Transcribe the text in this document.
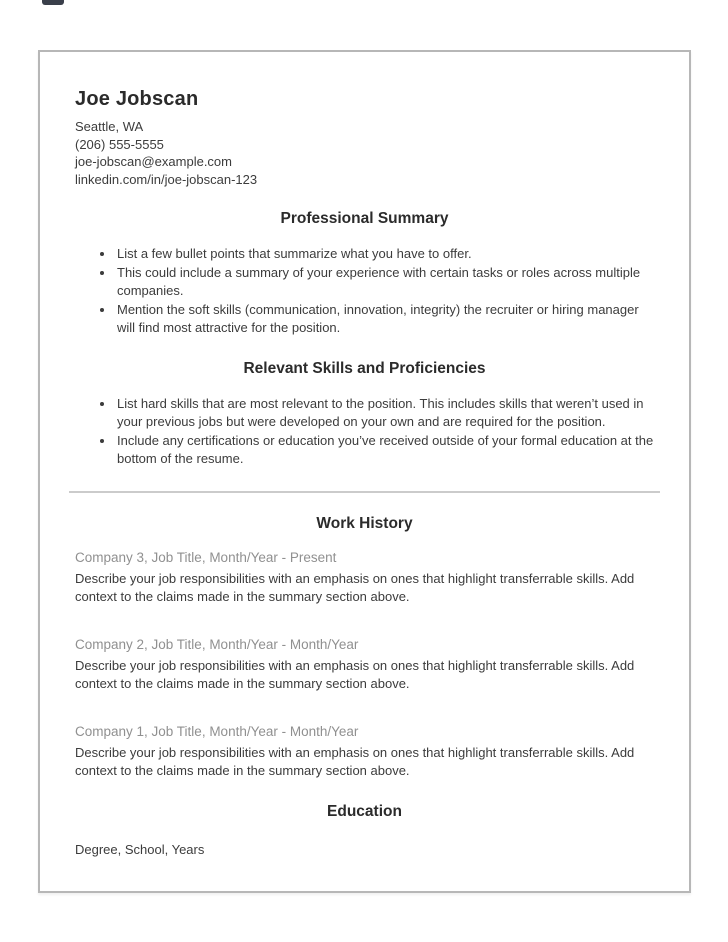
Joe Jobscan
Seattle, WA
(206) 555-5555
joe-jobscan@example.com
linkedin.com/in/joe-jobscan-123
Professional Summary
• List a few bullet points that summarize what you have to offer.
• This could include a summary of your experience with certain tasks or roles across multiple companies.
• Mention the soft skills (communication, innovation, integrity) the recruiter or hiring manager will find most attractive for the position.
Relevant Skills and Proficiencies
• List hard skills that are most relevant to the position. This includes skills that weren’t used in your previous jobs but were developed on your own and are required for the position.
• Include any certifications or education you’ve received outside of your formal education at the bottom of the resume.
Work History

Company 3, Job Title, Month/Year - Present

Describe your job responsibilities with an emphasis on ones that highlight transferrable skills. Add context to the claims made in the summary section above.

Company 2, Job Title, Month/Year - Month/Year

Describe your job responsibilities with an emphasis on ones that highlight transferrable skills. Add context to the claims made in the summary section above.

Company 1, Job Title, Month/Year - Month/Year

Describe your job responsibilities with an emphasis on ones that highlight transferrable skills. Add context to the claims made in the summary section above.

Education

Degree, School, Years
